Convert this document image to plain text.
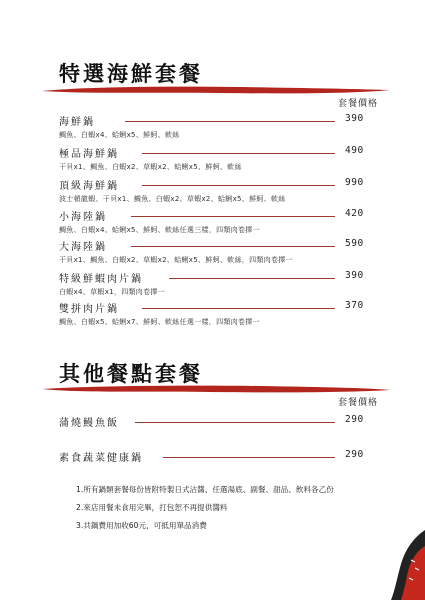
特選海鮮套餐
套餐價格
海鮮鍋	390
鯛魚、白蝦x4、蛤蜊x5、鮮蚵、軟絲
極品海鮮鍋	490
干貝x1、鯛魚、白蝦x2、草蝦x2、蛤蜊x5、鮮蚵、軟絲
頂級海鮮鍋	990
波士頓龍蝦、干貝x1、鯛魚、白蝦x2、草蝦x2、蛤蜊x5、鮮蚵、軟絲
小海陸鍋	420
鯛魚、白蝦x4、蛤蜊x5、鮮蚵、軟絲任選三樣，四類肉卷擇一
大海陸鍋	590
干貝x1、鯛魚、白蝦x2、草蝦x2、蛤蜊x5、鮮蚵、軟絲，四類肉卷擇一
特級鮮蝦肉片鍋	390
白蝦x4、草蝦x1，四類肉卷擇一
雙拼肉片鍋	370
鯛魚、白蝦x5、蛤蜊x7、鮮蚵、軟絲任選一樣，四類肉卷擇一
其他餐點套餐
套餐價格
蒲燒鰻魚飯	290
素食蔬菜健康鍋	290
1.所有鍋類套餐每份皆附特製日式沾醬、任選湯底、副餐、甜品、飲料各乙份
2.來店用餐未食用完畢，打包恕不再提供醬料
3.共鍋費用加收60元，可抵用單品消費
